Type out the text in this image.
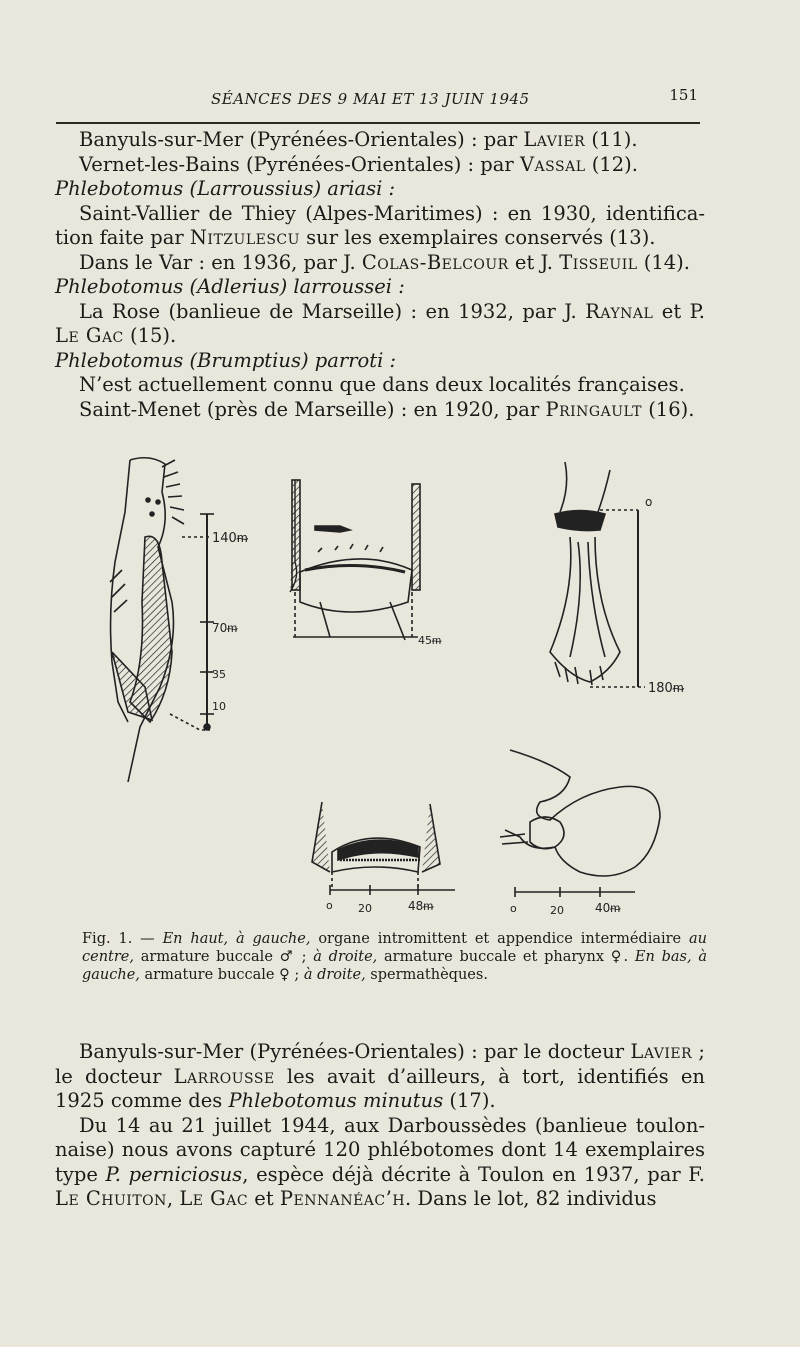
SÉANCES DES 9 MAI ET 13 JUIN 1945	151

Banyuls-sur-Mer (Pyrénées-Orientales) : par Lavier (11).

Vernet-les-Bains (Pyrénées-Orientales) : par Vassal (12).

Phlebotomus (Larroussius) ariasi :

Saint-Vallier de Thiey (Alpes-Maritimes) : en 1930, identification faite par Nitzulescu sur les exemplaires conservés (13).

Dans le Var : en 1936, par J. Colas-Belcour et J. Tisseuil (14).

Phlebotomus (Adlerius) larroussei :

La Rose (banlieue de Marseille) : en 1932, par J. Raynal et P. Le Gac (15).

Phlebotomus (Brumptius) parroti :

N’est actuellement connu que dans deux localités françaises.

Saint-Menet (près de Marseille) : en 1920, par Pringault (16).

140ᵯ
70ᵯ
35
10
45ᵯ
o
180ᵯ
o 20	48ᵯ	o	20	40ᵯ
Fig. 1. — En haut, à gauche, organe intromittent et appendice intermédiaire au centre, armature buccale ♂ ; à droite, armature buccale et pharynx ♀. En bas, à gauche, armature buccale ♀ ; à droite, spermathèques.

Banyuls-sur-Mer (Pyrénées-Orientales) : par le docteur Lavier ; le docteur Larrousse les avait d’ailleurs, à tort, identifiés en 1925 comme des Phlebotomus minutus (17).

Du 14 au 21 juillet 1944, aux Darboussèdes (banlieue toulonnaise) nous avons capturé 120 phlébotomes dont 14 exemplaires type P. perniciosus, espèce déjà décrite à Toulon en 1937, par F. Le Chuiton, Le Gac et Pennanéac’h. Dans le lot, 82 individus
